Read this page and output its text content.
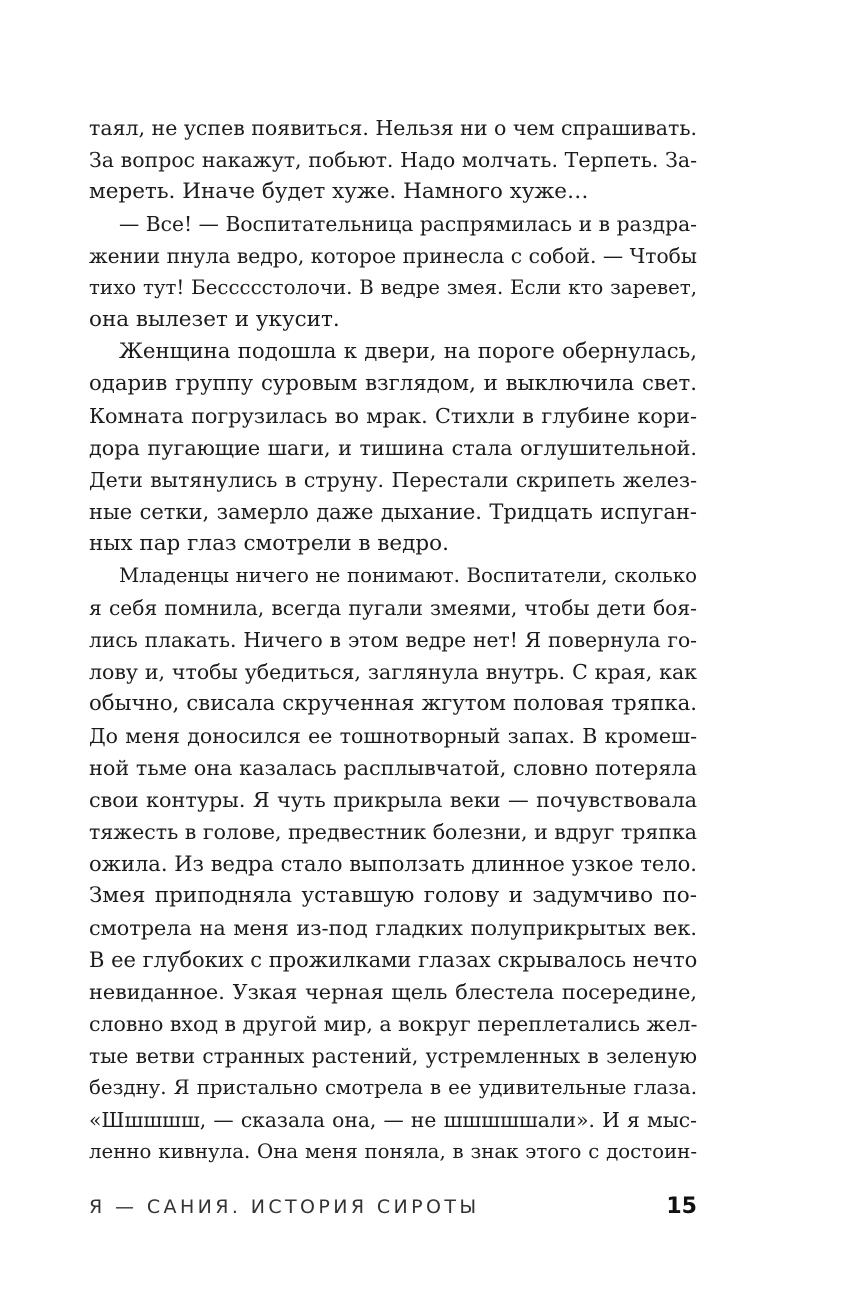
таял, не успев появиться. Нельзя ни о чем спрашивать.
За вопрос накажут, побьют. Надо молчать. Терпеть. За-
мереть. Иначе будет хуже. Намного хуже…
— Все! — Воспитательница распрямилась и в раздра-
жении пнула ведро, которое принесла с собой. — Чтобы
тихо тут! Бессссcтолочи. В ведре змея. Если кто заревет,
она вылезет и укусит.
Женщина подошла к двери, на пороге обернулась,
одарив группу суровым взглядом, и выключила свет.
Комната погрузилась во мрак. Стихли в глубине кори-
дора пугающие шаги, и тишина стала оглушительной.
Дети вытянулись в струну. Перестали скрипеть желез-
ные сетки, замерло даже дыхание. Тридцать испуган-
ных пар глаз смотрели в ведро.
Младенцы ничего не понимают. Воспитатели, сколько
я себя помнила, всегда пугали змеями, чтобы дети боя-
лись плакать. Ничего в этом ведре нет! Я повернула го-
лову и, чтобы убедиться, заглянула внутрь. С края, как
обычно, свисала скрученная жгутом половая тряпка.
До меня доносился ее тошнотворный запах. В кромеш-
ной тьме она казалась расплывчатой, словно потеряла
свои контуры. Я чуть прикрыла веки — почувствовала
тяжесть в голове, предвестник болезни, и вдруг тряпка
ожила. Из ведра стало выползать длинное узкое тело.
Змея приподняла уставшую голову и задумчиво по-
смотрела на меня из-под гладких полуприкрытых век.
В ее глубоких с прожилками глазах скрывалось нечто
невиданное. Узкая черная щель блестела посередине,
словно вход в другой мир, а вокруг переплетались жел-
тые ветви странных растений, устремленных в зеленую
бездну. Я пристально смотрела в ее удивительные глаза.
«Шшшшш, — сказала она, — не шшшшшали». И я мыс-
ленно кивнула. Она меня поняла, в знак этого с достоин-
Я — САНИЯ. ИСТОРИЯ СИРОТЫ	15
